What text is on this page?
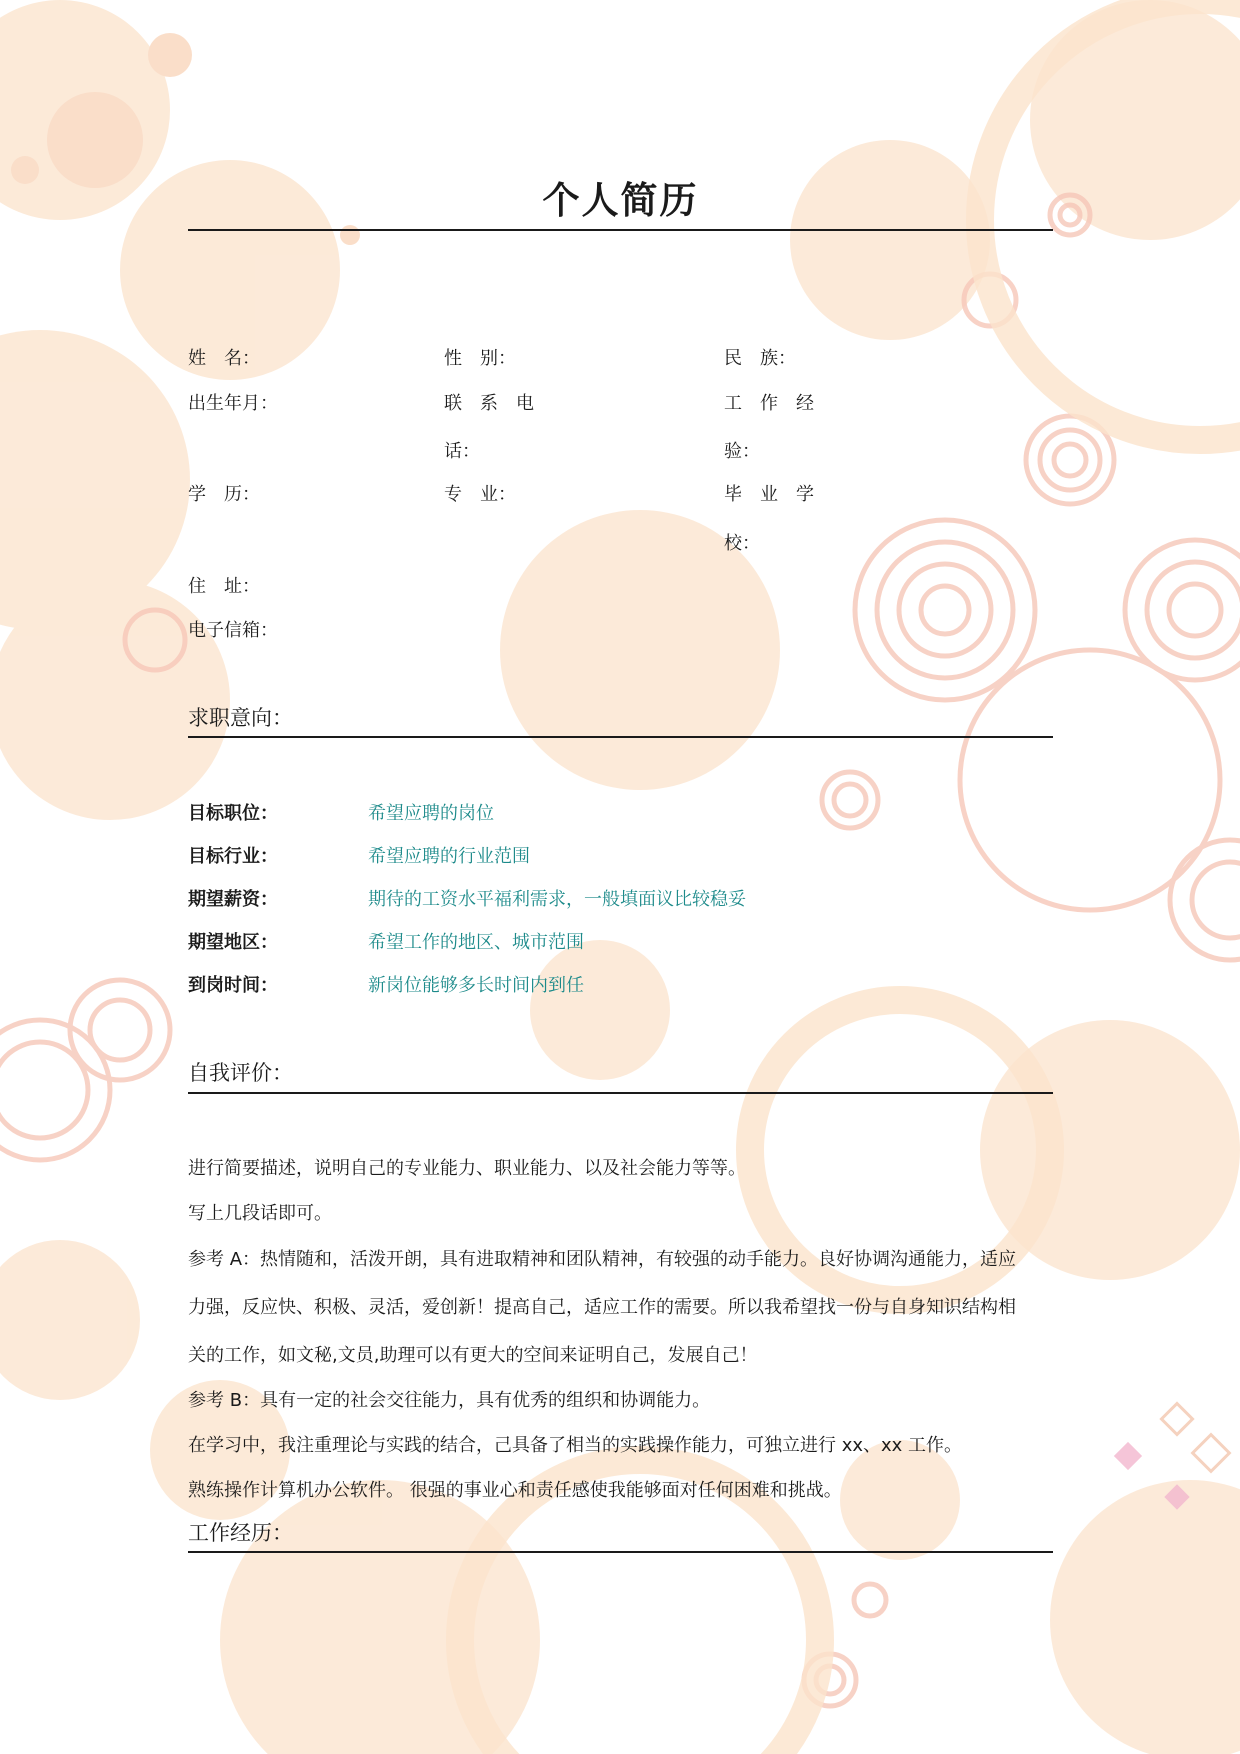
个人简历
姓　名：	性　别：	民　族：
出生年月：	联　系　电	工　作　经
话：	验：
学　历：	专　业：	毕　业　学
校：
住　址：
电子信箱：
求职意向：
目标职位：	希望应聘的岗位
目标行业：	希望应聘的行业范围
期望薪资：	期待的工资水平福利需求，一般填面议比较稳妥
期望地区：	希望工作的地区、城市范围
到岗时间：	新岗位能够多长时间内到任
自我评价：
进行简要描述，说明自己的专业能力、职业能力、以及社会能力等等。
写上几段话即可。
参考 A：热情随和，活泼开朗，具有进取精神和团队精神，有较强的动手能力。良好协调沟通能力，适应
力强，反应快、积极、灵活，爱创新！提高自己，适应工作的需要。所以我希望找一份与自身知识结构相
关的工作，如文秘,文员,助理可以有更大的空间来证明自己，发展自己！
参考 B：具有一定的社会交往能力，具有优秀的组织和协调能力。
在学习中，我注重理论与实践的结合，己具备了相当的实践操作能力，可独立进行 xx、xx 工作。
熟练操作计算机办公软件。 很强的事业心和责任感使我能够面对任何困难和挑战。
工作经历：
